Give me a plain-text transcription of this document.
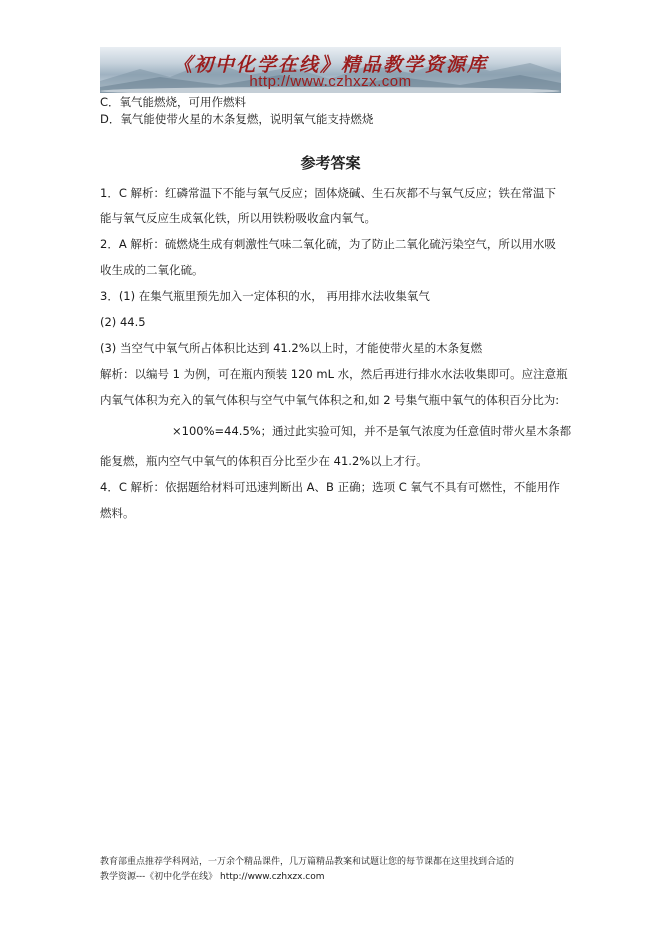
《初中化学在线》精品教学资源库
http://www.czhxzx.com
C．氧气能燃烧，可用作燃料
D．氧气能使带火星的木条复燃，说明氧气能支持燃烧
参考答案
1．C 解析：红磷常温下不能与氧气反应；固体烧碱、生石灰都不与氧气反应；铁在常温下
能与氧气反应生成氧化铁，所以用铁粉吸收盒内氧气。
2．A 解析：硫燃烧生成有刺激性气味二氧化硫，为了防止二氧化硫污染空气，所以用水吸
收生成的二氧化硫。
3．(1) 在集气瓶里预先加入一定体积的水， 再用排水法收集氧气
(2) 44.5
(3) 当空气中氧气所占体积比达到 41.2%以上时，才能使带火星的木条复燃
解析：以编号 1 为例，可在瓶内预装 120 mL 水，然后再进行排水水法收集即可。应注意瓶
内氧气体积为充入的氧气体积与空气中氧气体积之和,如 2 号集气瓶中氧气的体积百分比为:
×100%=44.5%；通过此实验可知，并不是氧气浓度为任意值时带火星木条都
能复燃，瓶内空气中氧气的体积百分比至少在 41.2%以上才行。
4．C 解析：依据题给材料可迅速判断出 A、B 正确；选项 C 氧气不具有可燃性，不能用作
燃料。
教育部重点推荐学科网站，一万余个精品课件，几万篇精品教案和试题让您的每节课都在这里找到合适的
教学资源---《初中化学在线》 http://www.czhxzx.com
